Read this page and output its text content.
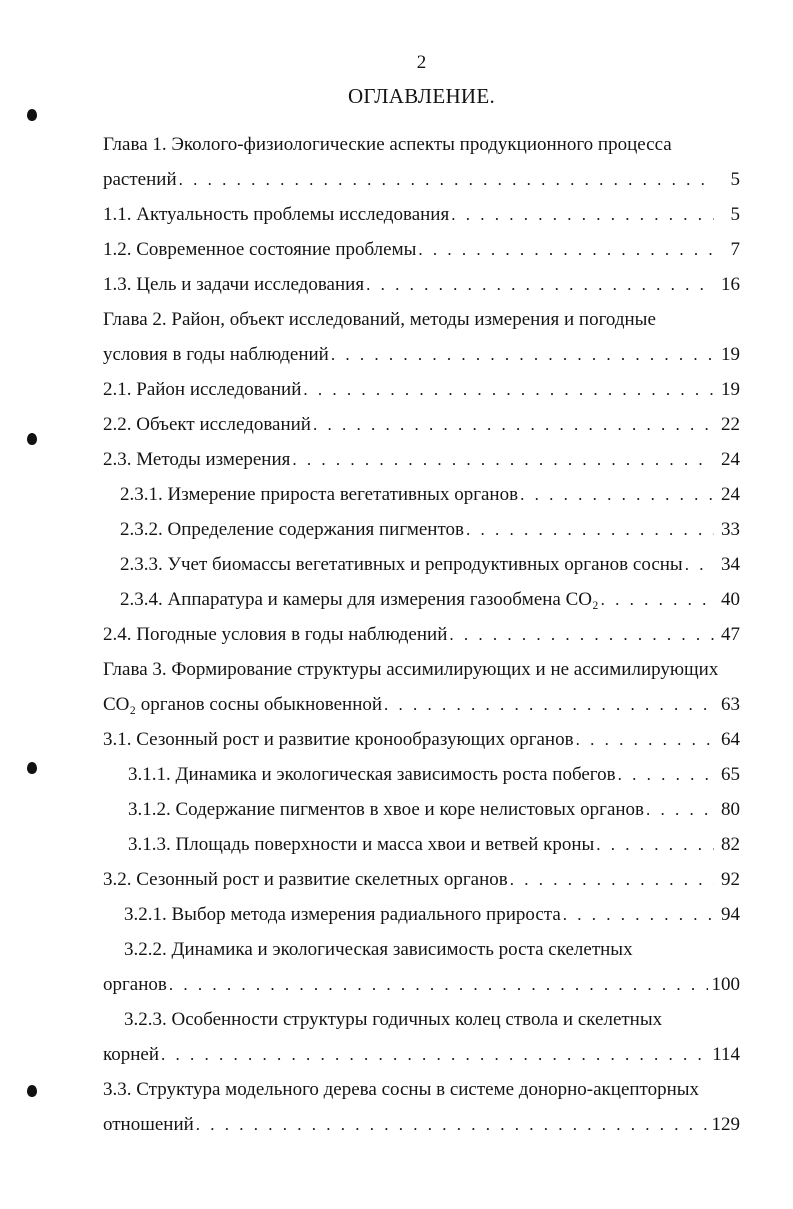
2
ОГЛАВЛЕНИЕ.
Глава 1. Эколого-физиологические аспекты продукционного процесса
растений . . .	5
1.1. Актуальность проблемы исследования . . .	5
1.2. Современное состояние проблемы . . .	7
1.3. Цель и задачи исследования . . .	16
Глава 2. Район, объект исследований, методы измерения и погодные
условия в годы наблюдений . . .	19
2.1. Район исследований . . .	19
2.2. Объект исследований . . .	22
2.3. Методы измерения . . .	24
2.3.1. Измерение прироста вегетативных органов . . .	24
2.3.2. Определение содержания пигментов . . .	33
2.3.3. Учет биомассы вегетативных и репродуктивных органов сосны . . . 34
2.3.4. Аппаратура и камеры для измерения газообмена CO₂ . . .	40
2.4. Погодные условия в годы наблюдений . . .	47
Глава 3. Формирование структуры ассимилирующих и не ассимилирующих
CO₂ органов сосны обыкновенной . . .	63
3.1. Сезонный рост и развитие кронообразующих органов . . .	64
3.1.1. Динамика и экологическая зависимость роста побегов . . .	65
3.1.2. Содержание пигментов в хвое и коре нелистовых органов . . .	80
3.1.3. Площадь поверхности и масса хвои и ветвей кроны . . .	82
3.2. Сезонный рост и развитие скелетных органов . . .	92
3.2.1. Выбор метода измерения радиального прироста . . .	94
3.2.2. Динамика и экологическая зависимость роста скелетных
органов . . .	100
3.2.3. Особенности структуры годичных колец ствола и скелетных
корней . . .	114
3.3. Структура модельного дерева сосны в системе донорно-акцепторных
отношений . . .	129
